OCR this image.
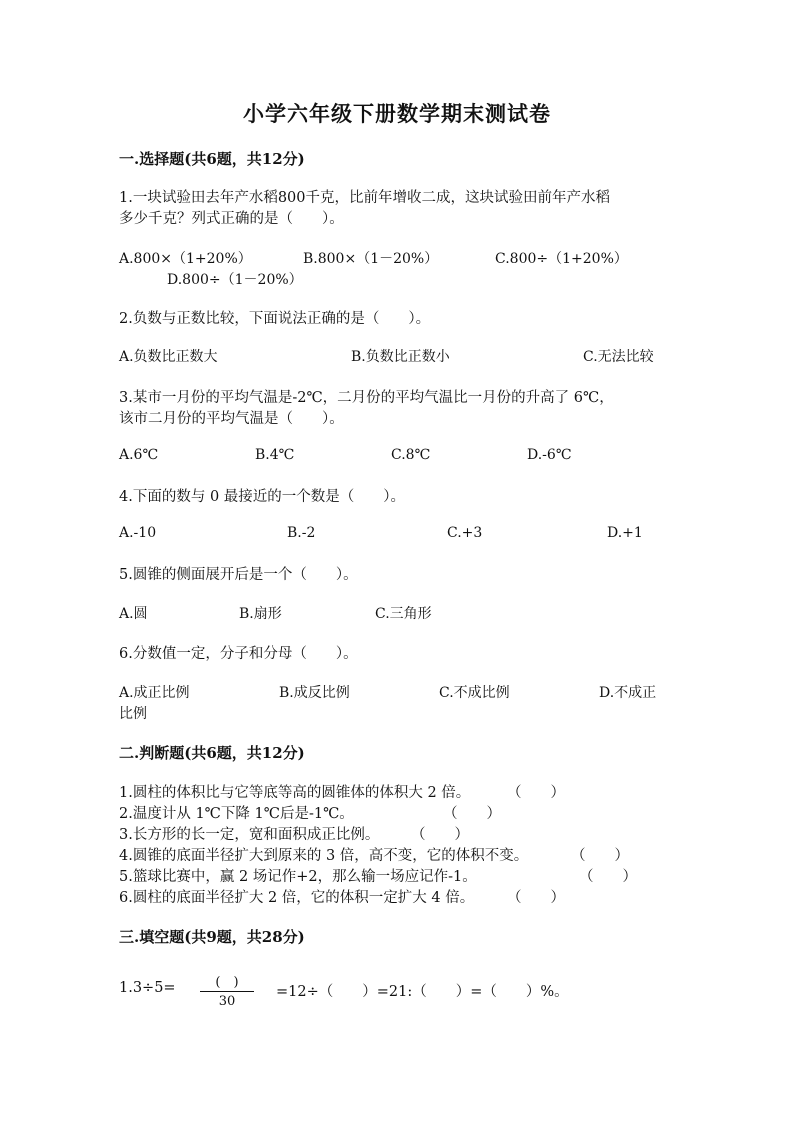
小学六年级下册数学期末测试卷
一.选择题(共6题，共12分)
1.一块试验田去年产水稻800千克，比前年增收二成，这块试验田前年产水稻
多少千克？列式正确的是（　　）。
A.800×（1+20%）	B.800×（1－20%）	C.800÷（1+20%）
D.800÷（1－20%）
2.负数与正数比较，下面说法正确的是（　　）。
A.负数比正数大	B.负数比正数小	C.无法比较
3.某市一月份的平均气温是-2℃，二月份的平均气温比一月份的升高了 6℃，
该市二月份的平均气温是（　　）。
A.6℃	B.4℃	C.8℃	D.-6℃
4.下面的数与 0 最接近的一个数是（　　）。
A.-10	B.-2	C.+3	D.+1
5.圆锥的侧面展开后是一个（　　）。
A.圆	B.扇形	C.三角形
6.分数值一定，分子和分母（　　）。
A.成正比例	B.成反比例	C.不成比例	D.不成正
比例
二.判断题(共6题，共12分)
1.圆柱的体积比与它等底等高的圆锥体的体积大 2 倍。	（　　）
2.温度计从 1℃下降 1℃后是-1℃。	（　　）
3.长方形的长一定，宽和面积成正比例。 （　　）
4.圆锥的底面半径扩大到原来的 3 倍，高不变，它的体积不变。	（　　）
5.篮球比赛中，赢 2 场记作+2，那么输一场应记作-1。	（　　）
6.圆柱的底面半径扩大 2 倍，它的体积一定扩大 4 倍。 （　　）
三.填空题(共9题，共28分)
1.3÷5=	(　)
30
=12÷（　　）=21:（　　）=（　　）%。
